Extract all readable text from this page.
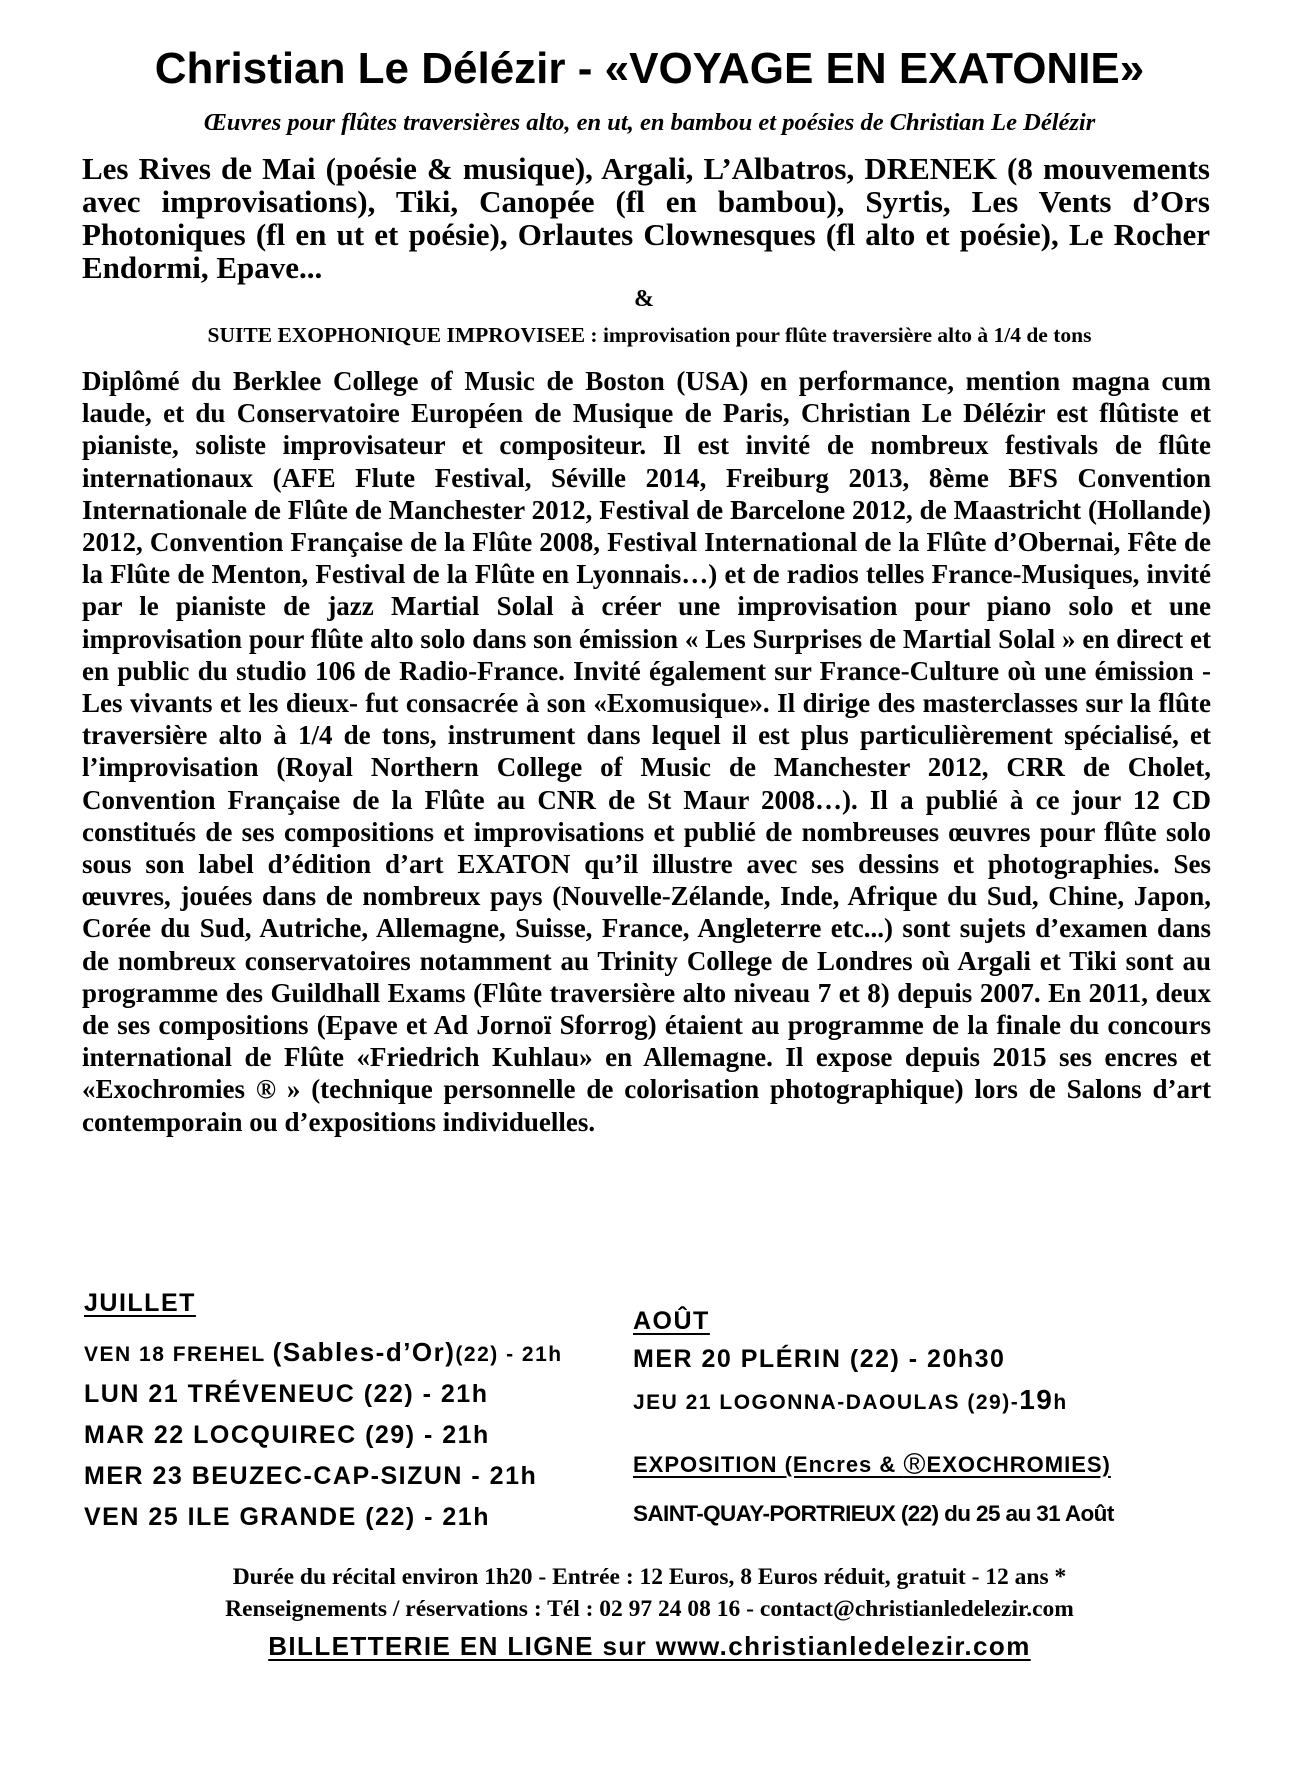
Christian Le Délézir - «VOYAGE EN EXATONIE»
Œuvres pour flûtes traversières alto, en ut, en bambou et poésies de Christian Le Délézir
Les Rives de Mai (poésie & musique), Argali, L’Albatros, DRENEK (8 mouvements avec improvisations), Tiki, Canopée (fl en bambou), Syrtis, Les Vents d’Ors Photoniques (fl en ut et poésie), Orlautes Clownesques (fl alto et poésie), Le Rocher Endormi, Epave...
&
SUITE EXOPHONIQUE IMPROVISEE : improvisation pour flûte traversière alto à 1/4 de tons
Diplômé du Berklee College of Music de Boston (USA) en performance, mention magna cum laude, et du Conservatoire Européen de Musique de Paris, Christian Le Délézir est flûtiste et pianiste, soliste improvisateur et compositeur. Il est invité de nombreux festivals de flûte internationaux (AFE Flute Festival, Séville 2014, Freiburg 2013, 8ème BFS Convention Internationale de Flûte de Manchester 2012, Festival de Barcelone 2012, de Maastricht (Hollande) 2012, Convention Française de la Flûte 2008, Festival International de la Flûte d’Obernai, Fête de la Flûte de Menton, Festival de la Flûte en Lyonnais…) et de radios telles France-Musiques, invité par le pianiste de jazz Martial Solal à créer une improvisation pour piano solo et une improvisation pour flûte alto solo dans son émission « Les Surprises de Martial Solal » en direct et en public du studio 106 de Radio-France. Invité également sur France-Culture où une émission -Les vivants et les dieux- fut consacrée à son «Exomusique». Il dirige des masterclasses sur la flûte traversière alto à 1/4 de tons, instrument dans lequel il est plus particulièrement spécialisé, et l’improvisation (Royal Northern College of Music de Manchester 2012, CRR de Cholet, Convention Française de la Flûte au CNR de St Maur 2008…). Il a publié à ce jour 12 CD constitués de ses compositions et improvisations et publié de nombreuses œuvres pour flûte solo sous son label d’édition d’art EXATON qu’il illustre avec ses dessins et photographies. Ses œuvres, jouées dans de nombreux pays (Nouvelle-Zélande, Inde, Afrique du Sud, Chine, Japon, Corée du Sud, Autriche, Allemagne, Suisse, France, Angleterre etc...) sont sujets d’examen dans de nombreux conservatoires notamment au Trinity College de Londres où Argali et Tiki sont au programme des Guildhall Exams (Flûte traversière alto niveau 7 et 8) depuis 2007. En 2011, deux de ses compositions (Epave et Ad Jornoï Sforrog) étaient au programme de la finale du concours international de Flûte «Friedrich Kuhlau» en Allemagne. Il expose depuis 2015 ses encres et «Exochromies ® » (technique personnelle de colorisation photographique) lors de Salons d’art contemporain ou d’expositions individuelles.
JUILLET
VEN 18 FREHEL (Sables-d’Or)(22) - 21h
LUN 21 TRÉVENEUC (22) - 21h
MAR 22 LOCQUIREC (29) - 21h
MER 23 BEUZEC-CAP-SIZUN - 21h
VEN 25 ILE GRANDE (22) - 21h
AOÛT
MER 20 PLÉRIN (22) - 20h30
JEU 21 LOGONNA-DAOULAS (29)-19h
EXPOSITION (Encres & ®EXOCHROMIES)
SAINT-QUAY-PORTRIEUX (22) du 25 au 31 Août
Durée du récital environ 1h20 - Entrée : 12 Euros, 8 Euros réduit, gratuit - 12 ans *
Renseignements / réservations : Tél : 02 97 24 08 16 - contact@christianledelezir.com
BILLETTERIE EN LIGNE sur www.christianledelezir.com
